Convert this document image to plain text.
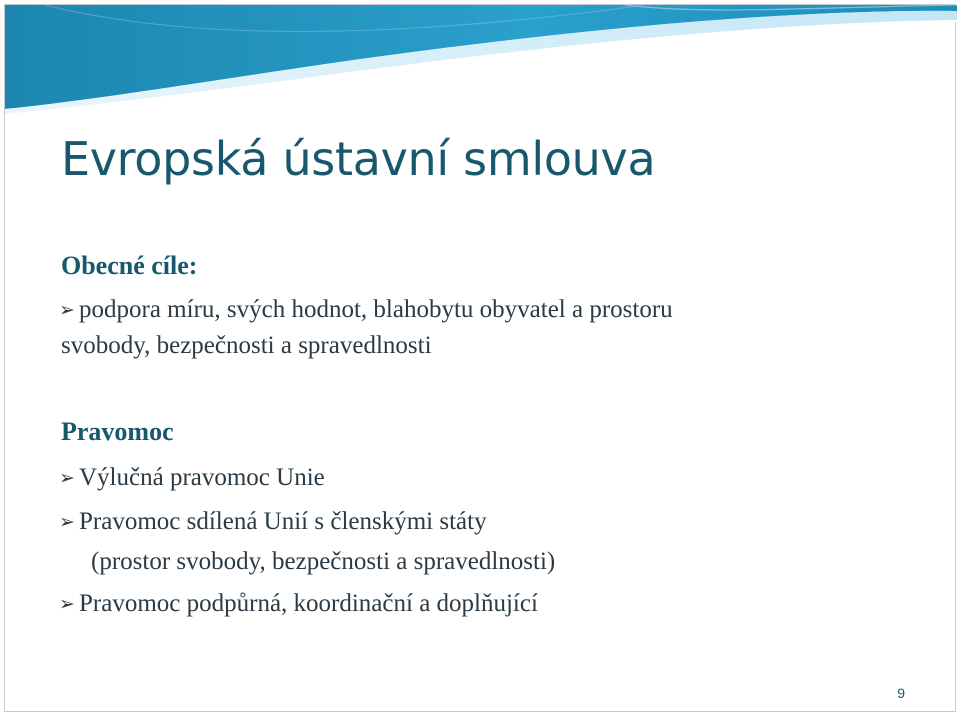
Evropská ústavní smlouva
Obecné cíle:

➢ podpora míru, svých hodnot, blahobytu obyvatel a prostoru

svobody, bezpečnosti a spravedlnosti

Pravomoc

➢ Výlučná pravomoc Unie

➢ Pravomoc sdílená Unií s členskými státy

(prostor svobody, bezpečnosti a spravedlnosti)

➢ Pravomoc podpůrná, koordinační a doplňující

9
